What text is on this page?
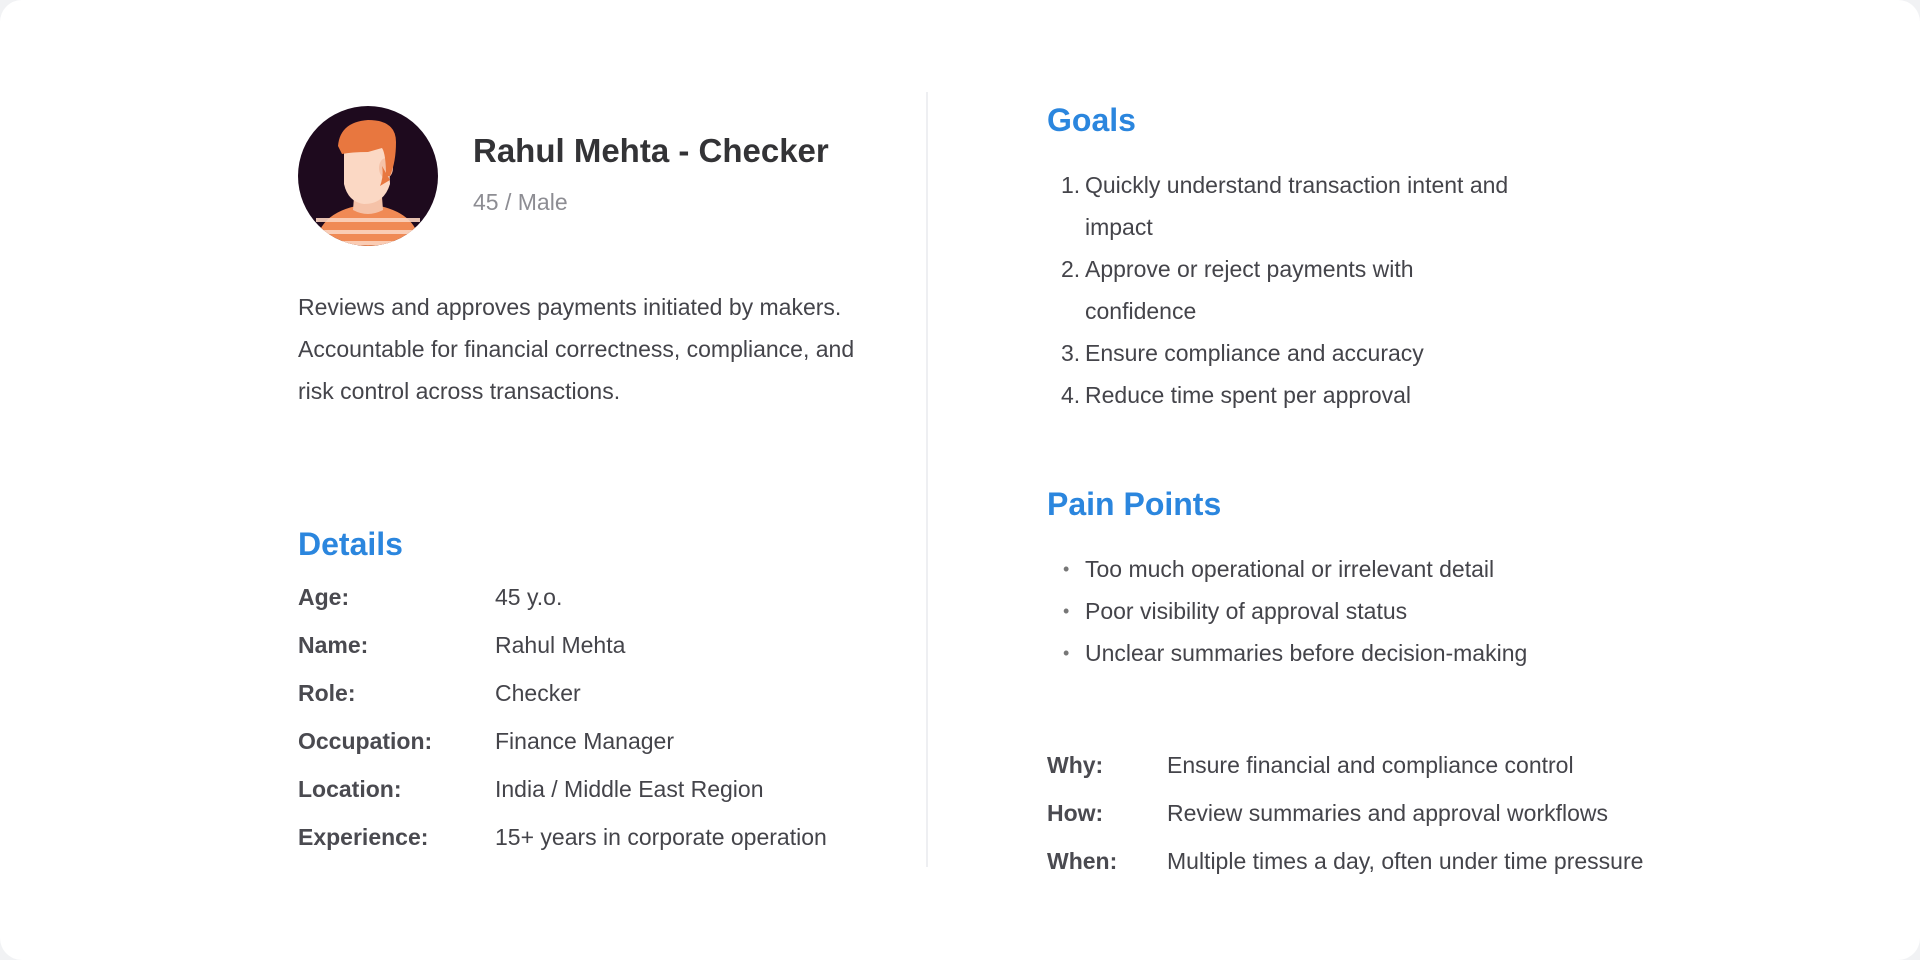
Rahul Mehta - Checker
45 / Male
Reviews and approves payments initiated by makers. Accountable for financial correctness, compliance, and risk control across transactions.
Details
Age:	45 y.o.
Name:	Rahul Mehta
Role:	Checker
Occupation:	Finance Manager
Location:	India / Middle East Region
Experience:	15+ years in corporate operation
Goals
1. Quickly understand transaction intent and impact
2. Approve or reject payments with confidence
3. Ensure compliance and accuracy
4. Reduce time spent per approval
Pain Points
• Too much operational or irrelevant detail
• Poor visibility of approval status
• Unclear summaries before decision-making
Why:	Ensure financial and compliance control
How:	Review summaries and approval workflows
When: Multiple times a day, often under time pressure
